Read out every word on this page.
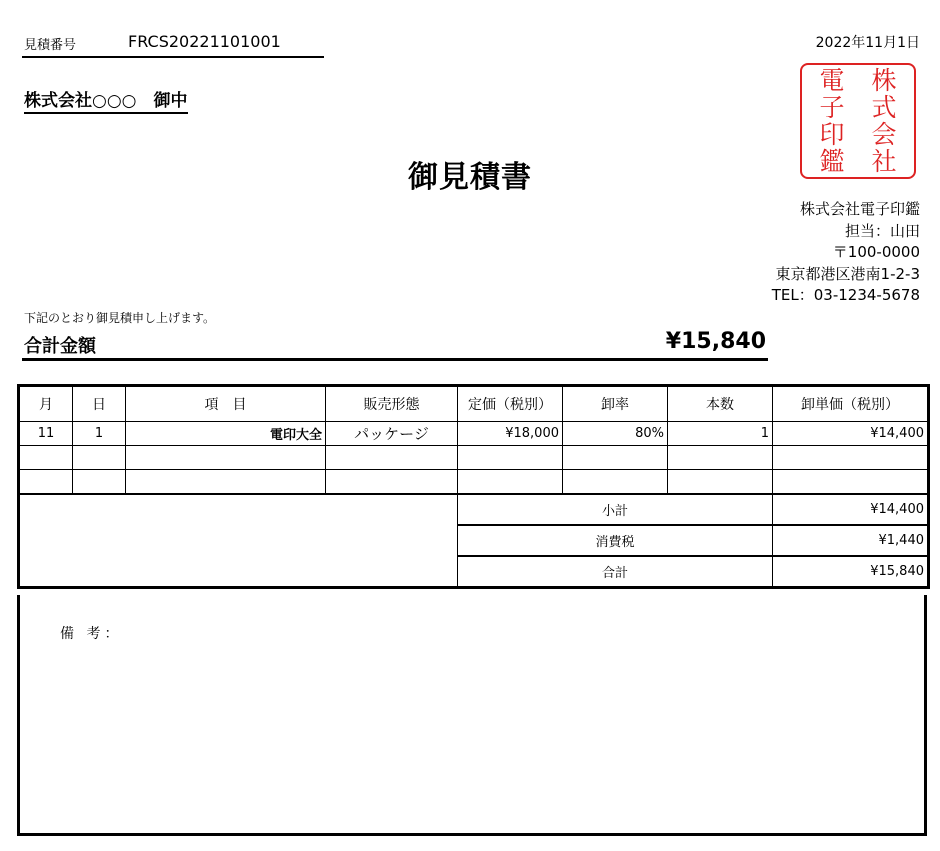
見積番号	FRCS20221101001	2022年11月1日
株式会社○○○　御中
御見積書
株
式
会
社
電
子
印
鑑
株式会社電子印鑑
担当：山田
〒100-0000
東京都港区港南1-2-3
TEL：03-1234-5678
下記のとおり御見積申し上げます。
合計金額	¥15,840
月	日	項　目	販売形態	定価（税別）	卸率	本数	卸単価（税別）
11	1	電印大全	パッケージ	¥18,000	80%	1	¥14,400

				小計			¥14,400
				消費税			¥1,440
				合計			¥15,840
備 考：
